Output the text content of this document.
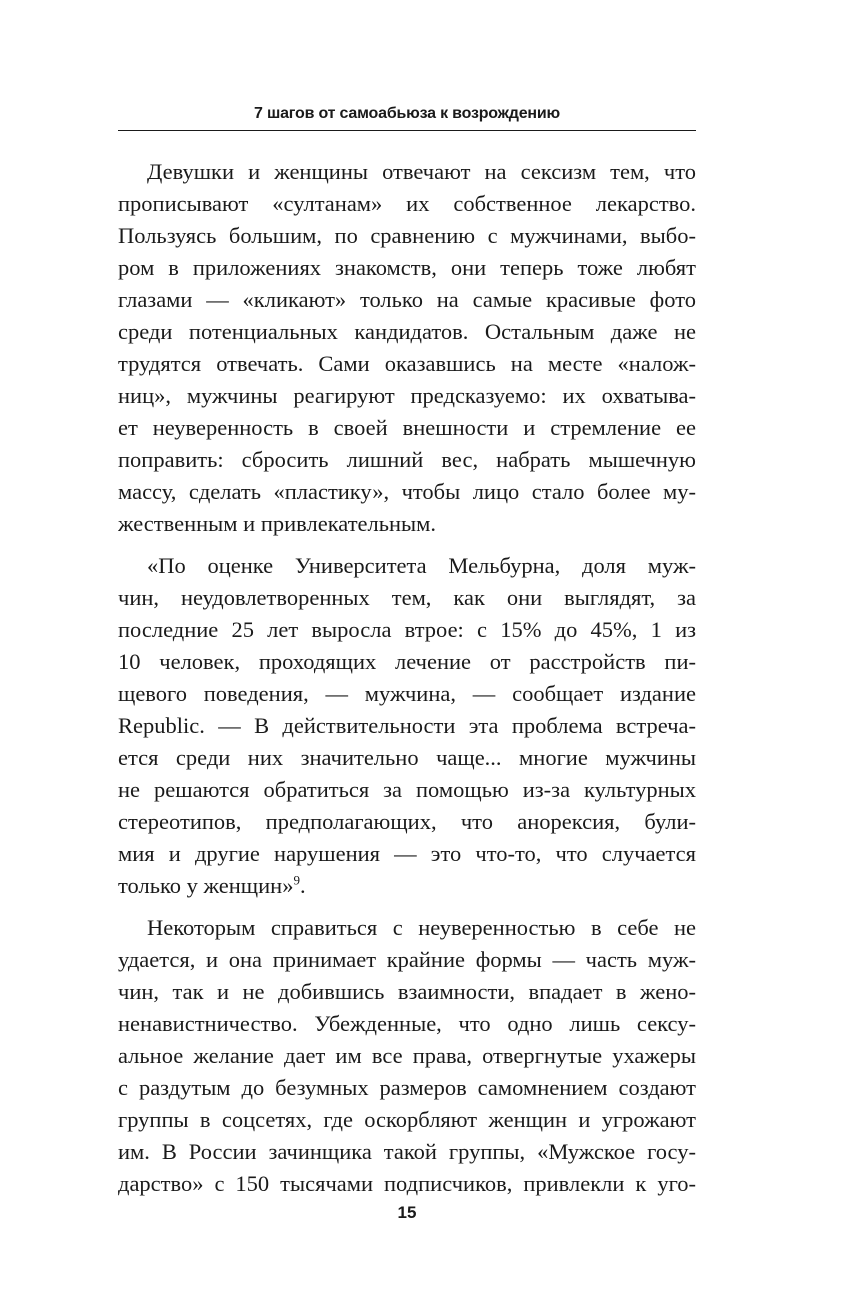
7 шагов от самоабьюза к возрождению

Девушки и женщины отвечают на сексизм тем, что
прописывают «султанам» их собственное лекарство.
Пользуясь большим, по сравнению с мужчинами, выбо-
ром в приложениях знакомств, они теперь тоже любят
глазами — «кликают» только на самые красивые фото
среди потенциальных кандидатов. Остальным даже не
трудятся отвечать. Сами оказавшись на месте «налож-
ниц», мужчины реагируют предсказуемо: их охватыва-
ет неуверенность в своей внешности и стремление ее
поправить: сбросить лишний вес, набрать мышечную
массу, сделать «пластику», чтобы лицо стало более му-
жественным и привлекательным.

«По оценке Университета Мельбурна, доля муж-
чин, неудовлетворенных тем, как они выглядят, за
последние 25 лет выросла втрое: с 15% до 45%, 1 из
10 человек, проходящих лечение от расстройств пи-
щевого поведения, — мужчина, — сообщает издание
Republic. — В действительности эта проблема встреча-
ется среди них значительно чаще... многие мужчины
не решаются обратиться за помощью из-за культурных
стереотипов, предполагающих, что анорексия, були-
мия и другие нарушения — это что-то, что случается
только у женщин»$^9$.

Некоторым справиться с неуверенностью в себе не
удается, и она принимает крайние формы — часть муж-
чин, так и не добившись взаимности, впадает в жено-
ненавистничество. Убежденные, что одно лишь сексу-
альное желание дает им все права, отвергнутые ухажеры
с раздутым до безумных размеров самомнением создают
группы в соцсетях, где оскорбляют женщин и угрожают
им. В России зачинщика такой группы, «Мужское госу-
дарство» с 150 тысячами подписчиков, привлекли к уго-

15
